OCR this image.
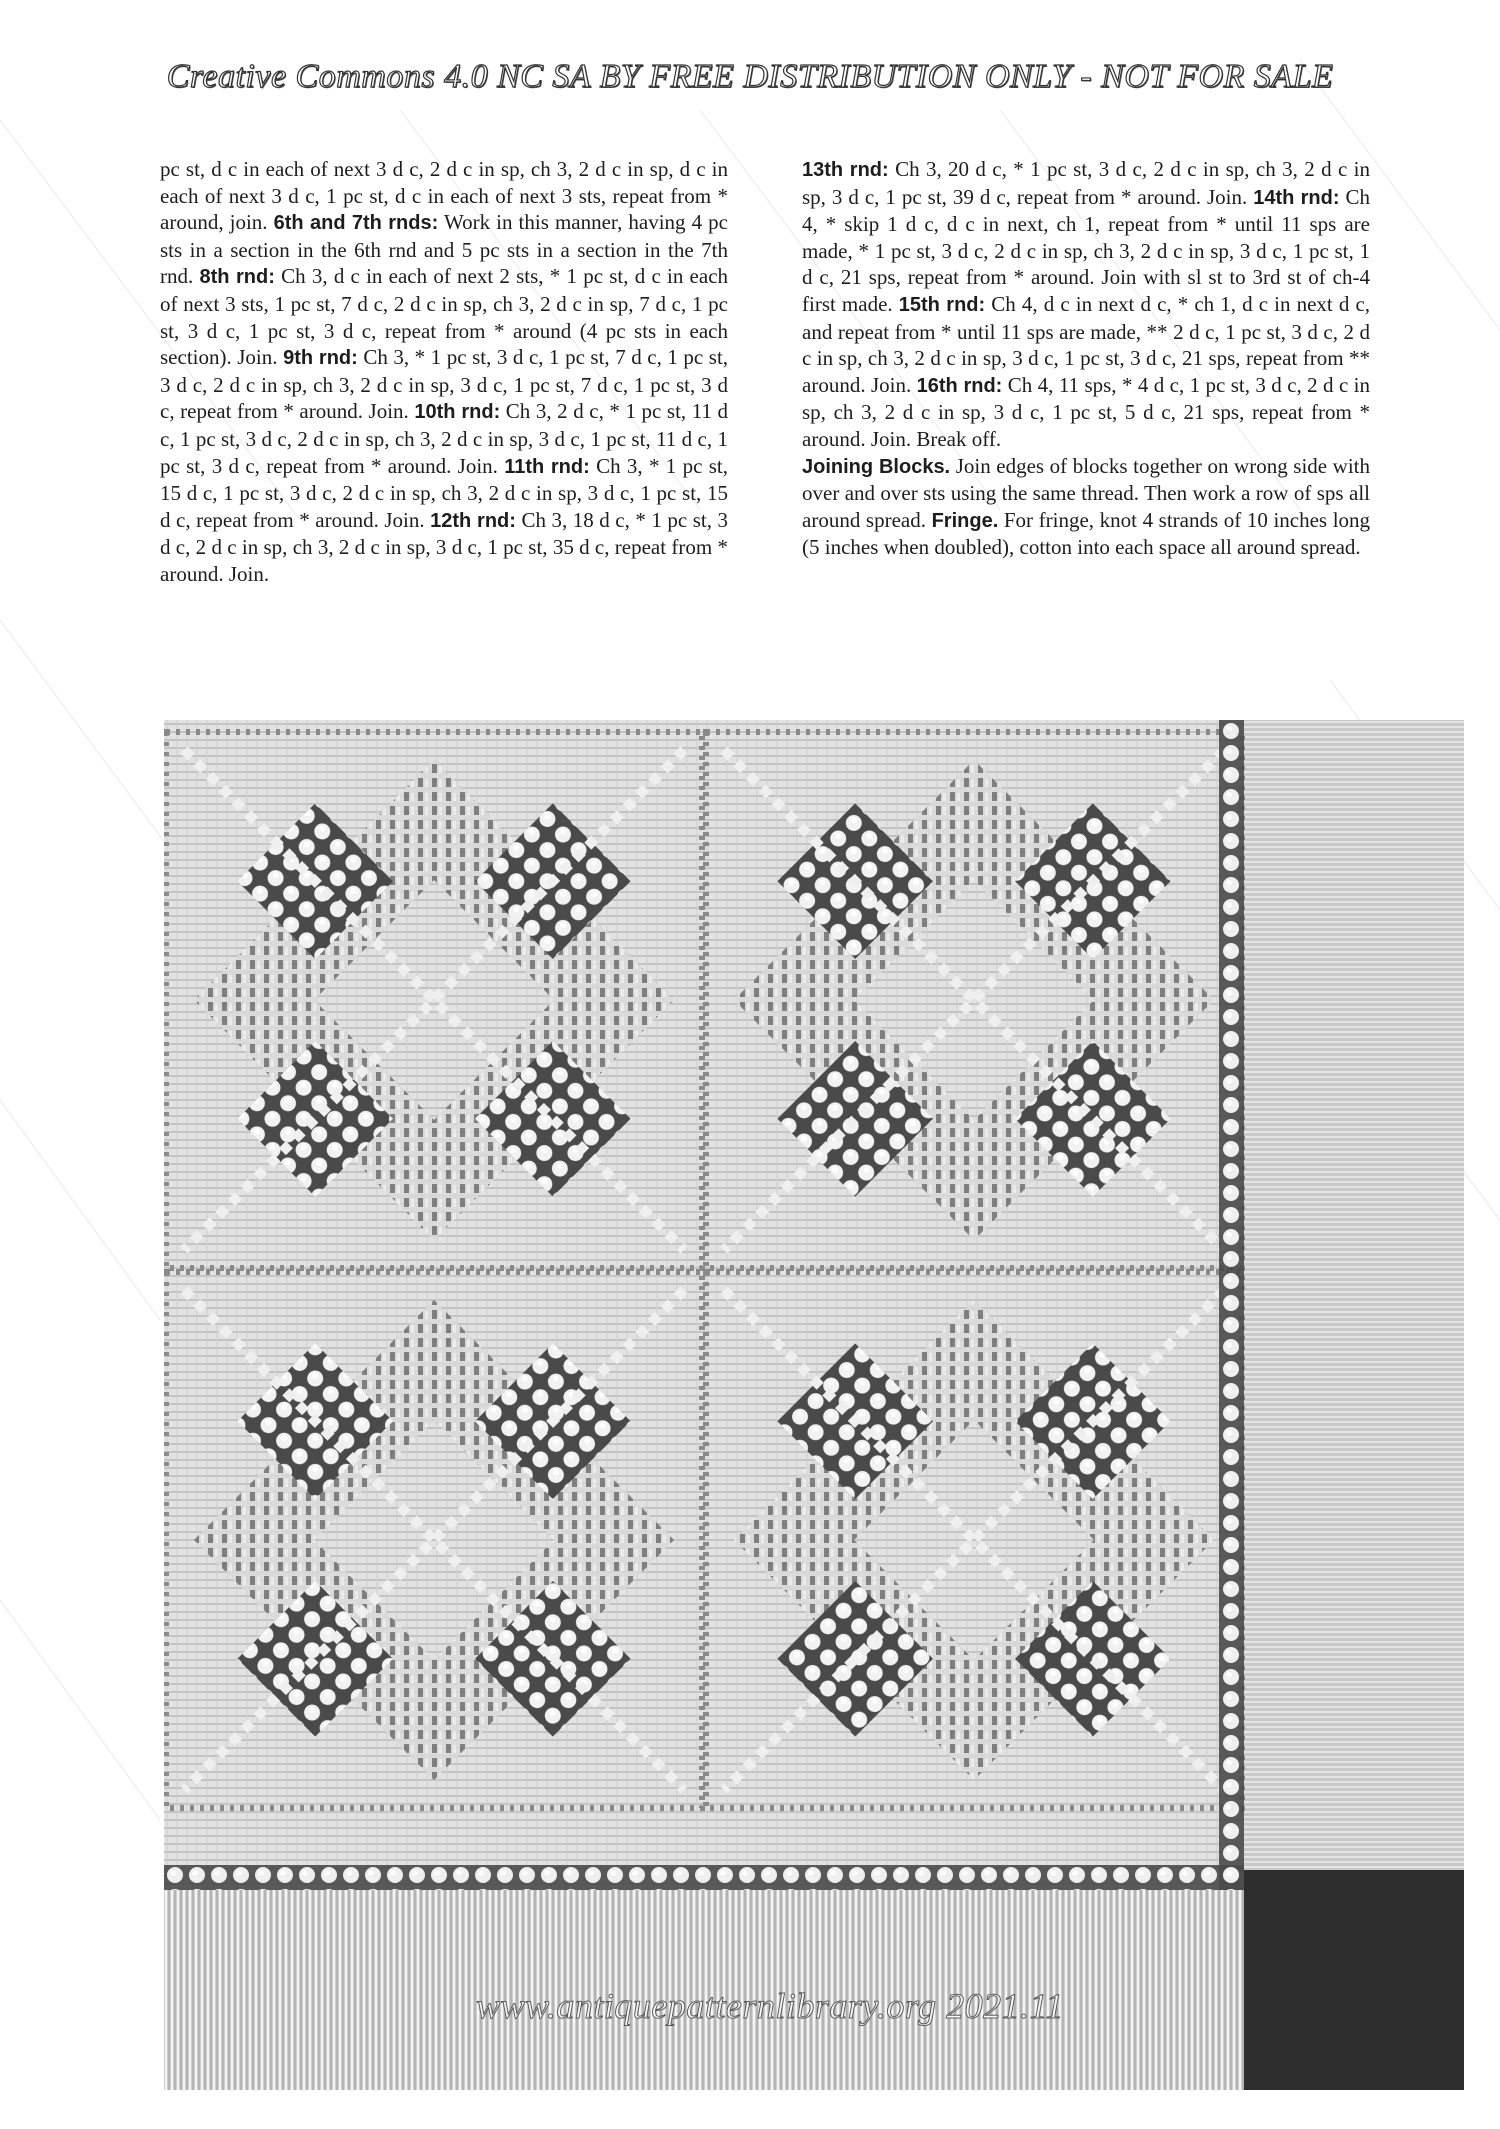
Creative Commons 4.0 NC SA BY FREE DISTRIBUTION ONLY - NOT FOR SALE

pc st, d c in each of next 3 d c, 2 d c in sp, ch 3, 2 d c in sp, d c in each of next 3 d c, 1 pc st, d c in each of next 3 sts, repeat from * around, join. 6th and 7th rnds: Work in this manner, having 4 pc sts in a section in the 6th rnd and 5 pc sts in a section in the 7th rnd. 8th rnd: Ch 3, d c in each of next 2 sts, * 1 pc st, d c in each of next 3 sts, 1 pc st, 7 d c, 2 d c in sp, ch 3, 2 d c in sp, 7 d c, 1 pc st, 3 d c, 1 pc st, 3 d c, repeat from * around (4 pc sts in each section). Join. 9th rnd: Ch 3, * 1 pc st, 3 d c, 1 pc st, 7 d c, 1 pc st, 3 d c, 2 d c in sp, ch 3, 2 d c in sp, 3 d c, 1 pc st, 7 d c, 1 pc st, 3 d c, repeat from * around. Join. 10th rnd: Ch 3, 2 d c, * 1 pc st, 11 d c, 1 pc st, 3 d c, 2 d c in sp, ch 3, 2 d c in sp, 3 d c, 1 pc st, 11 d c, 1 pc st, 3 d c, repeat from * around. Join. 11th rnd: Ch 3, * 1 pc st, 15 d c, 1 pc st, 3 d c, 2 d c in sp, ch 3, 2 d c in sp, 3 d c, 1 pc st, 15 d c, repeat from * around. Join. 12th rnd: Ch 3, 18 d c, * 1 pc st, 3 d c, 2 d c in sp, ch 3, 2 d c in sp, 3 d c, 1 pc st, 35 d c, repeat from * around. Join.

13th rnd: Ch 3, 20 d c, * 1 pc st, 3 d c, 2 d c in sp, ch 3, 2 d c in sp, 3 d c, 1 pc st, 39 d c, repeat from * around. Join. 14th rnd: Ch 4, * skip 1 d c, d c in next, ch 1, repeat from * until 11 sps are made, * 1 pc st, 3 d c, 2 d c in sp, ch 3, 2 d c in sp, 3 d c, 1 pc st, 1 d c, 21 sps, repeat from * around. Join with sl st to 3rd st of ch-4 first made. 15th rnd: Ch 4, d c in next d c, * ch 1, d c in next d c, and repeat from * until 11 sps are made, ** 2 d c, 1 pc st, 3 d c, 2 d c in sp, ch 3, 2 d c in sp, 3 d c, 1 pc st, 3 d c, 21 sps, repeat from ** around. Join. 16th rnd: Ch 4, 11 sps, * 4 d c, 1 pc st, 3 d c, 2 d c in sp, ch 3, 2 d c in sp, 3 d c, 1 pc st, 5 d c, 21 sps, repeat from * around. Join. Break off.

Joining Blocks. Join edges of blocks together on wrong side with over and over sts using the same thread. Then work a row of sps all around spread. Fringe. For fringe, knot 4 strands of 10 inches long (5 inches when doubled), cotton into each space all around spread.

www.antiquepatternlibrary.org 2021.11
